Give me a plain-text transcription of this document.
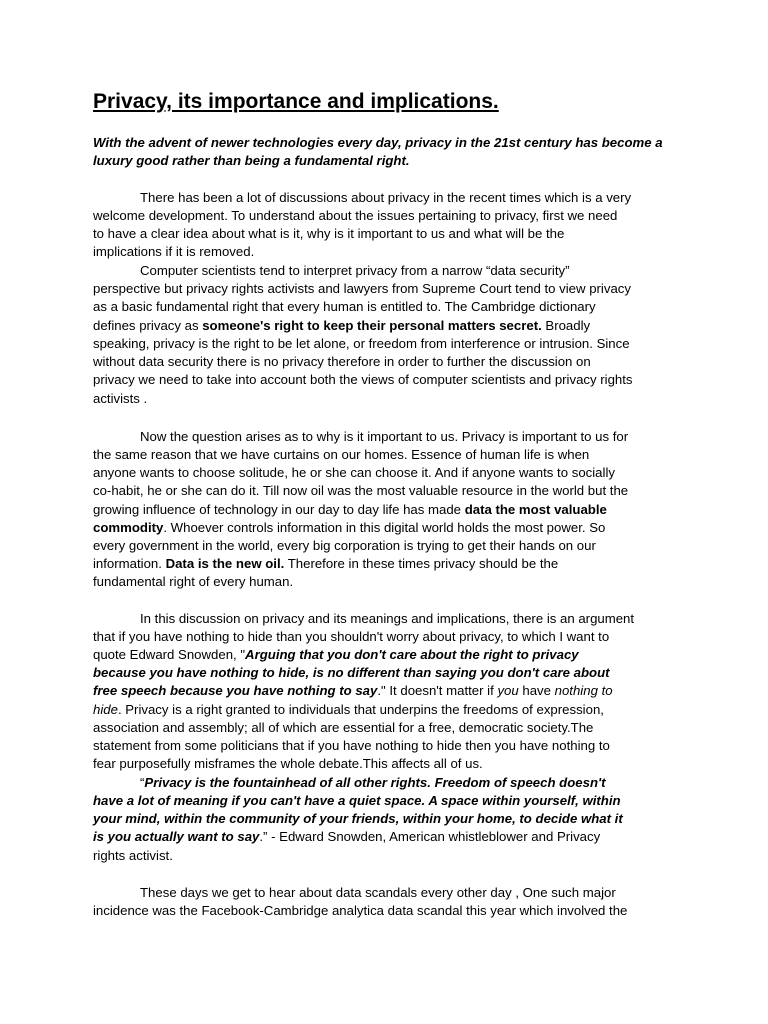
Privacy, its importance and implications.

With the advent of newer technologies every day, privacy in the 21st century has become a luxury good rather than being a fundamental right.

There has been a lot of discussions about privacy in the recent times which is a very

welcome development. To understand about the issues pertaining to privacy, first we need

to have a clear idea about what is it, why is it important to us and what will be the

implications if it is removed.

Computer scientists tend to interpret privacy from a narrow “data security”

perspective but privacy rights activists and lawyers from Supreme Court tend to view privacy

as a basic fundamental right that every human is entitled to. The Cambridge dictionary

defines privacy as someone's right to keep their personal matters secret. Broadly

speaking, privacy is the right to be let alone, or freedom from interference or intrusion. Since

without data security there is no privacy therefore in order to further the discussion on

privacy we need to take into account both the views of computer scientists and privacy rights

activists .

Now the question arises as to why is it important to us. Privacy is important to us for

the same reason that we have curtains on our homes. Essence of human life is when

anyone wants to choose solitude, he or she can choose it. And if anyone wants to socially

co-habit, he or she can do it. Till now oil was the most valuable resource in the world but the

growing influence of technology in our day to day life has made data the most valuable

commodity. Whoever controls information in this digital world holds the most power. So

every government in the world, every big corporation is trying to get their hands on our

information. Data is the new oil. Therefore in these times privacy should be the

fundamental right of every human.

In this discussion on privacy and its meanings and implications, there is an argument

that if you have nothing to hide than you shouldn't worry about privacy, to which I want to

quote Edward Snowden, "Arguing that you don't care about the right to privacy

because you have nothing to hide, is no different than saying you don't care about

free speech because you have nothing to say." It doesn't matter if you have nothing to

hide. Privacy is a right granted to individuals that underpins the freedoms of expression,

association and assembly; all of which are essential for a free, democratic society.The

statement from some politicians that if you have nothing to hide then you have nothing to

fear purposefully misframes the whole debate.This affects all of us.

“Privacy is the fountainhead of all other rights. Freedom of speech doesn't

have a lot of meaning if you can't have a quiet space. A space within yourself, within

your mind, within the community of your friends, within your home, to decide what it

is you actually want to say.” - Edward Snowden, American whistleblower and Privacy

rights activist.

These days we get to hear about data scandals every other day , One such major

incidence was the Facebook-Cambridge analytica data scandal this year which involved the
